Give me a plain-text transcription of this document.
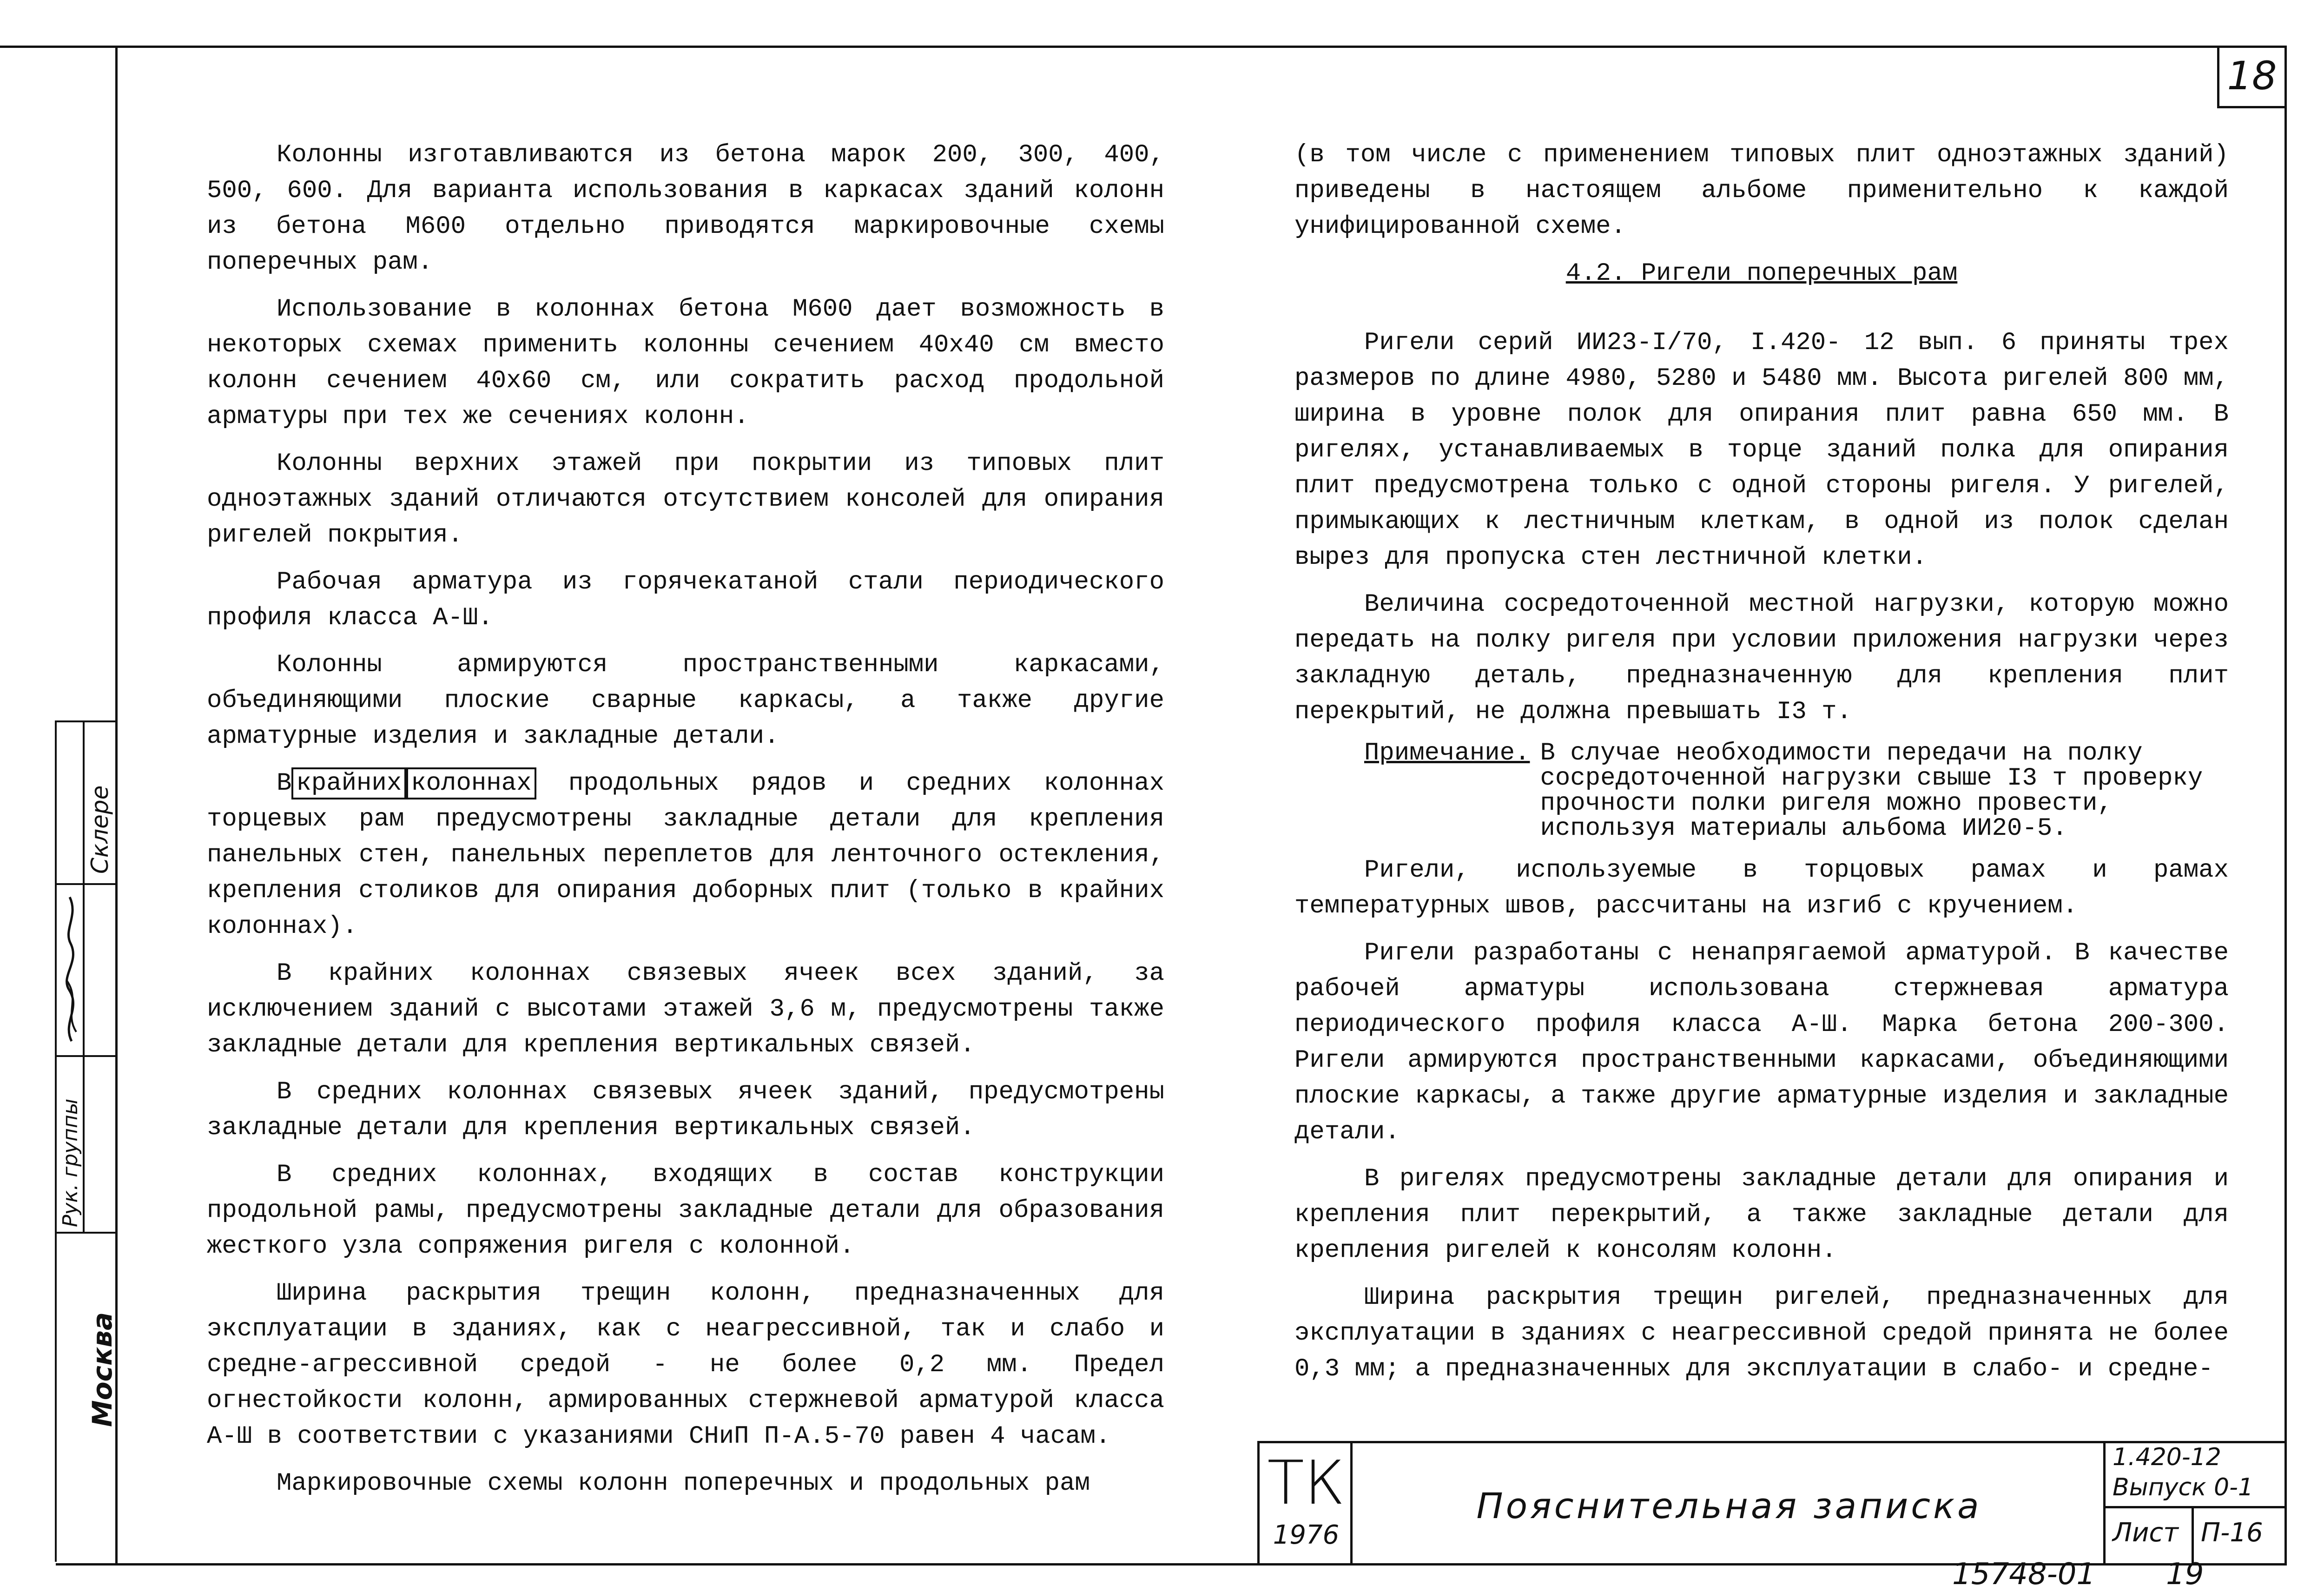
18
Рук. группы
Склере
Москва

Колонны изготавливаются из бетона марок 200, 300, 400, 500, 600. Для варианта использования в каркасах зданий колонн из бетона М600 отдельно приводятся маркировочные схемы поперечных рам.

Использование в колоннах бетона М600 дает возможность в некоторых схемах применить колонны сечением 40х40 см вместо колонн сечением 40х60 см, или сократить расход продольной арматуры при тех же сечениях колонн.

Колонны верхних этажей при покрытии из типовых плит одноэтажных зданий отличаются отсутствием консолей для опирания ригелей покрытия.

Рабочая арматура из горячекатаной стали периодического профиля класса А-Ш.

Колонны армируются пространственными каркасами, объединяющими плоские сварные каркасы, а также другие арматурные изделия и закладные детали.

В крайних колоннах продольных рядов и средних колоннах торцевых рам предусмотрены закладные детали для крепления панельных стен, панельных переплетов для ленточного остекления, крепления столиков для опирания доборных плит (только в крайних колоннах).

В крайних колоннах связевых ячеек всех зданий, за исключением зданий с высотами этажей 3,6 м, предусмотрены также закладные детали для крепления вертикальных связей.

В средних колоннах связевых ячеек зданий, предусмотрены закладные детали для крепления вертикальных связей.

В средних колоннах, входящих в состав конструкции продольной рамы, предусмотрены закладные детали для образования жесткого узла сопряжения ригеля с колонной.

Ширина раскрытия трещин колонн, предназначенных для эксплуатации в зданиях, как с неагрессивной, так и слабо и средне-агрессивной средой - не более 0,2 мм. Предел огнестойкости колонн, армированных стержневой арматурой класса А-Ш в соответствии с указаниями СНиП П-А.5-70 равен 4 часам.

Маркировочные схемы колонн поперечных и продольных рам

(в том числе с применением типовых плит одноэтажных зданий) приведены в настоящем альбоме применительно к каждой унифицированной схеме.

4.2. Ригели поперечных рам

Ригели серий ИИ23-I/70, I.420- 12 вып. 6 приняты трех размеров по длине 4980, 5280 и 5480 мм. Высота ригелей 800 мм, ширина в уровне полок для опирания плит равна 650 мм. В ригелях, устанавливаемых в торце зданий полка для опирания плит предусмотрена только с одной стороны ригеля. У ригелей, примыкающих к лестничным клеткам, в одной из полок сделан вырез для пропуска стен лестничной клетки.

Величина сосредоточенной местной нагрузки, которую можно передать на полку ригеля при условии приложения нагрузки через закладную деталь, предназначенную для крепления плит перекрытий, не должна превышать I3 т.

Примечание. В случае необходимости передачи на полку сосредоточенной нагрузки свыше I3 т проверку прочности полки ригеля можно провести, используя материалы альбома ИИ20-5.

Ригели, используемые в торцовых рамах и рамах температурных швов, рассчитаны на изгиб с кручением.

Ригели разработаны с ненапрягаемой арматурой. В качестве рабочей арматуры использована стержневая арматура периодического профиля класса А-Ш. Марка бетона 200-300. Ригели армируются пространственными каркасами, объединяющими плоские каркасы, а также другие арматурные изделия и закладные детали.

В ригелях предусмотрены закладные детали для опирания и крепления плит перекрытий, а также закладные детали для крепления ригелей к консолям колонн.

Ширина раскрытия трещин ригелей, предназначенных для эксплуатации в зданиях с неагрессивной средой принята не более 0,3 мм; а предназначенных для эксплуатации в слабо- и средне-

ТК
1976
Пояснительная записка
1.420-12
Выпуск 0-1
Лист П-16
15748-01 19
